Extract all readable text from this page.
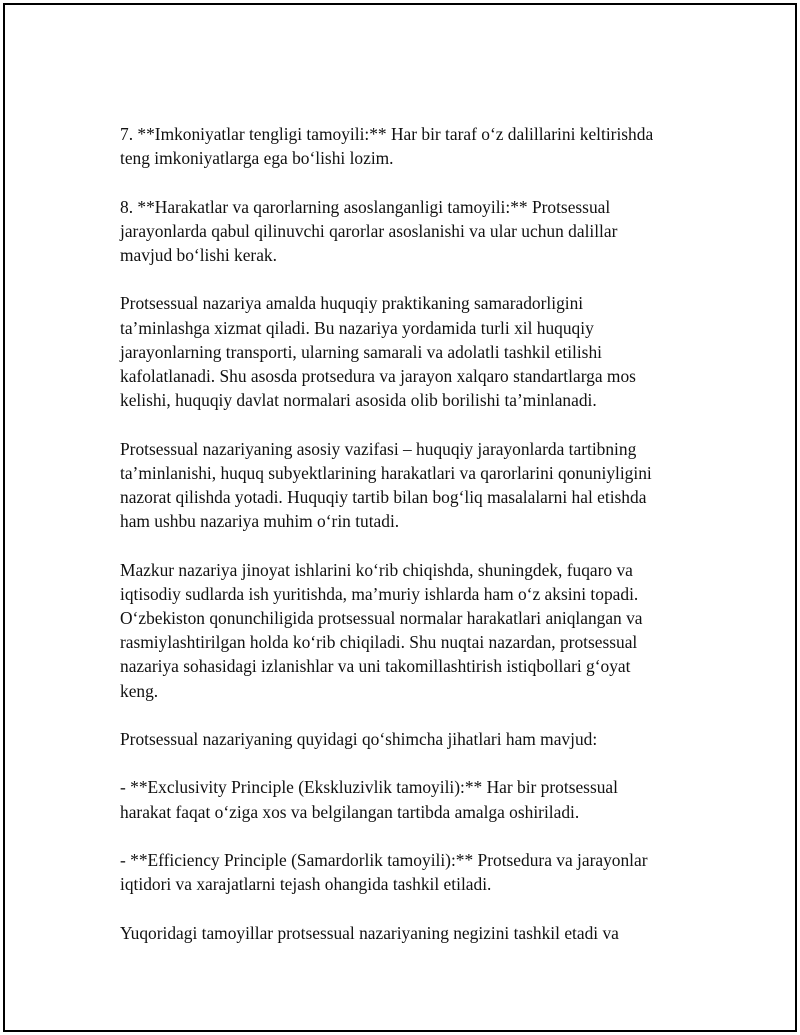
7. **Imkoniyatlar tengligi tamoyili:** Har bir taraf o‘z dalillarini keltirishda
teng imkoniyatlarga ega bo‘lishi lozim.

8. **Harakatlar va qarorlarning asoslanganligi tamoyili:** Protsessual
jarayonlarda qabul qilinuvchi qarorlar asoslanishi va ular uchun dalillar
mavjud bo‘lishi kerak.

Protsessual nazariya amalda huquqiy praktikaning samaradorligini
ta’minlashga xizmat qiladi. Bu nazariya yordamida turli xil huquqiy
jarayonlarning transporti, ularning samarali va adolatli tashkil etilishi
kafolatlanadi. Shu asosda protsedura va jarayon xalqaro standartlarga mos
kelishi, huquqiy davlat normalari asosida olib borilishi ta’minlanadi.

Protsessual nazariyaning asosiy vazifasi – huquqiy jarayonlarda tartibning
ta’minlanishi, huquq subyektlarining harakatlari va qarorlarini qonuniyligini
nazorat qilishda yotadi. Huquqiy tartib bilan bog‘liq masalalarni hal etishda
ham ushbu nazariya muhim o‘rin tutadi.

Mazkur nazariya jinoyat ishlarini ko‘rib chiqishda, shuningdek, fuqaro va
iqtisodiy sudlarda ish yuritishda, ma’muriy ishlarda ham o‘z aksini topadi.
O‘zbekiston qonunchiligida protsessual normalar harakatlari aniqlangan va
rasmiylashtirilgan holda ko‘rib chiqiladi. Shu nuqtai nazardan, protsessual
nazariya sohasidagi izlanishlar va uni takomillashtirish istiqbollari g‘oyat
keng.

Protsessual nazariyaning quyidagi qo‘shimcha jihatlari ham mavjud:

- **Exclusivity Principle (Ekskluzivlik tamoyili):** Har bir protsessual
harakat faqat o‘ziga xos va belgilangan tartibda amalga oshiriladi.

- **Efficiency Principle (Samardorlik tamoyili):** Protsedura va jarayonlar
iqtidori va xarajatlarni tejash ohangida tashkil etiladi.

Yuqoridagi tamoyillar protsessual nazariyaning negizini tashkil etadi va
